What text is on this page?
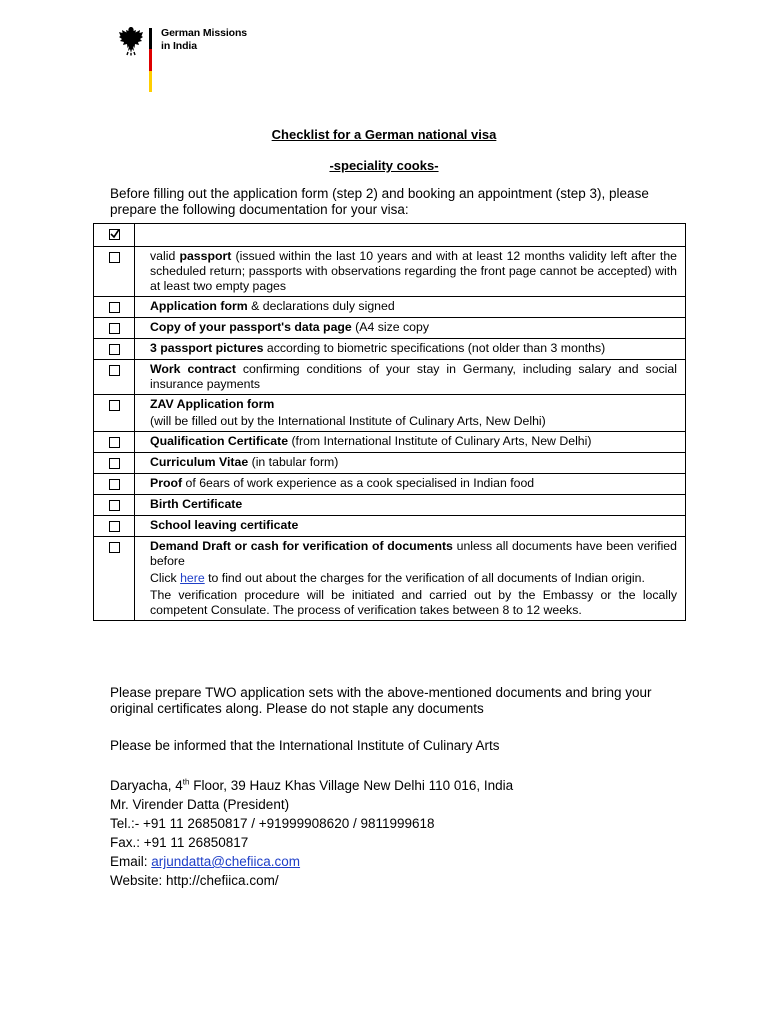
German Missions
in India
Checklist for a German national visa
-speciality cooks-
Before filling out the application form (step 2) and booking an appointment (step 3), please prepare the following documentation for your visa:

	valid passport (issued within the last 10 years and with at least 12 months validity left after the scheduled return; passports with observations regarding the front page cannot be accepted) with at least two empty pages

	Application form & declarations duly signed

	Copy of your passport's data page (A4 size copy

	3 passport pictures according to biometric specifications (not older than 3 months)

	Work contract confirming conditions of your stay in Germany, including salary and social insurance payments

	ZAV Application form

(will be filled out by the International Institute of Culinary Arts, New Delhi)

	Qualification Certificate (from International Institute of Culinary Arts, New Delhi)

	Curriculum Vitae (in tabular form)

	Proof of 6ears of work experience as a cook specialised in Indian food

	Birth Certificate

	School leaving certificate

	Demand Draft or cash for verification of documents unless all documents have been verified before

Click here to find out about the charges for the verification of all documents of Indian origin.

The verification procedure will be initiated and carried out by the Embassy or the locally competent Consulate. The process of verification takes between 8 to 12 weeks.

Please prepare TWO application sets with the above-mentioned documents and bring your original certificates along. Please do not staple any documents
Please be informed that the International Institute of Culinary Arts
Daryacha, 4th Floor, 39 Hauz Khas Village New Delhi 110 016, India
Mr. Virender Datta (President)
Tel.:- +91 11 26850817 / +91999908620 / 9811999618
Fax.: +91 11 26850817
Email: arjundatta@chefiica.com
Website: http://chefiica.com/
